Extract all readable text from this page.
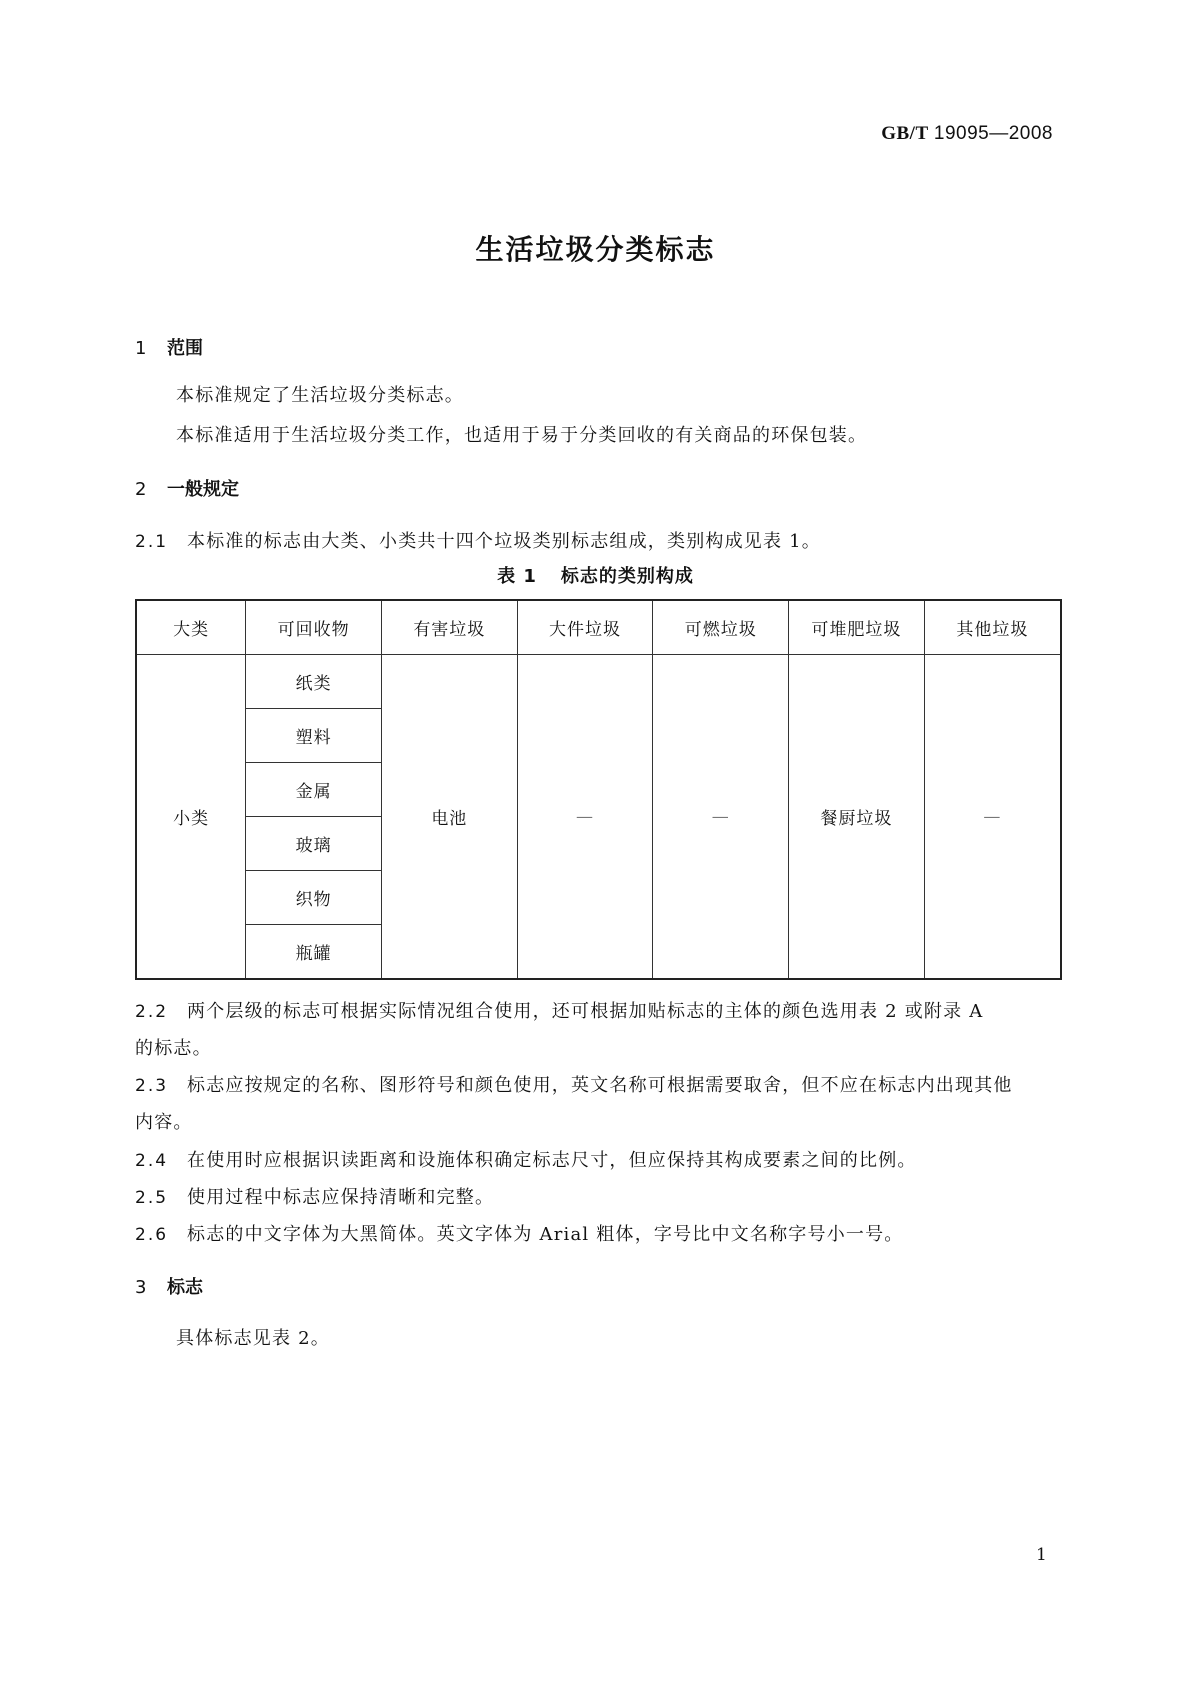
GB/T 19095—2008
生活垃圾分类标志
1 范围
本标准规定了生活垃圾分类标志。
本标准适用于生活垃圾分类工作，也适用于易于分类回收的有关商品的环保包装。
2 一般规定
2.1 本标准的标志由大类、小类共十四个垃圾类别标志组成，类别构成见表 1。
表 1 标志的类别构成
大类	可回收物	有害垃圾	大件垃圾	可燃垃圾	可堆肥垃圾	其他垃圾
小类	纸类	电池	—	—	餐厨垃圾	—
	塑料					
	金属					
	玻璃					
	织物					
	瓶罐					
2.2 两个层级的标志可根据实际情况组合使用，还可根据加贴标志的主体的颜色选用表 2 或附录 A
的标志。
2.3 标志应按规定的名称、图形符号和颜色使用，英文名称可根据需要取舍，但不应在标志内出现其他
内容。
2.4 在使用时应根据识读距离和设施体积确定标志尺寸，但应保持其构成要素之间的比例。
2.5 使用过程中标志应保持清晰和完整。
2.6 标志的中文字体为大黑简体。英文字体为 Arial 粗体，字号比中文名称字号小一号。
3 标志
具体标志见表 2。
1
